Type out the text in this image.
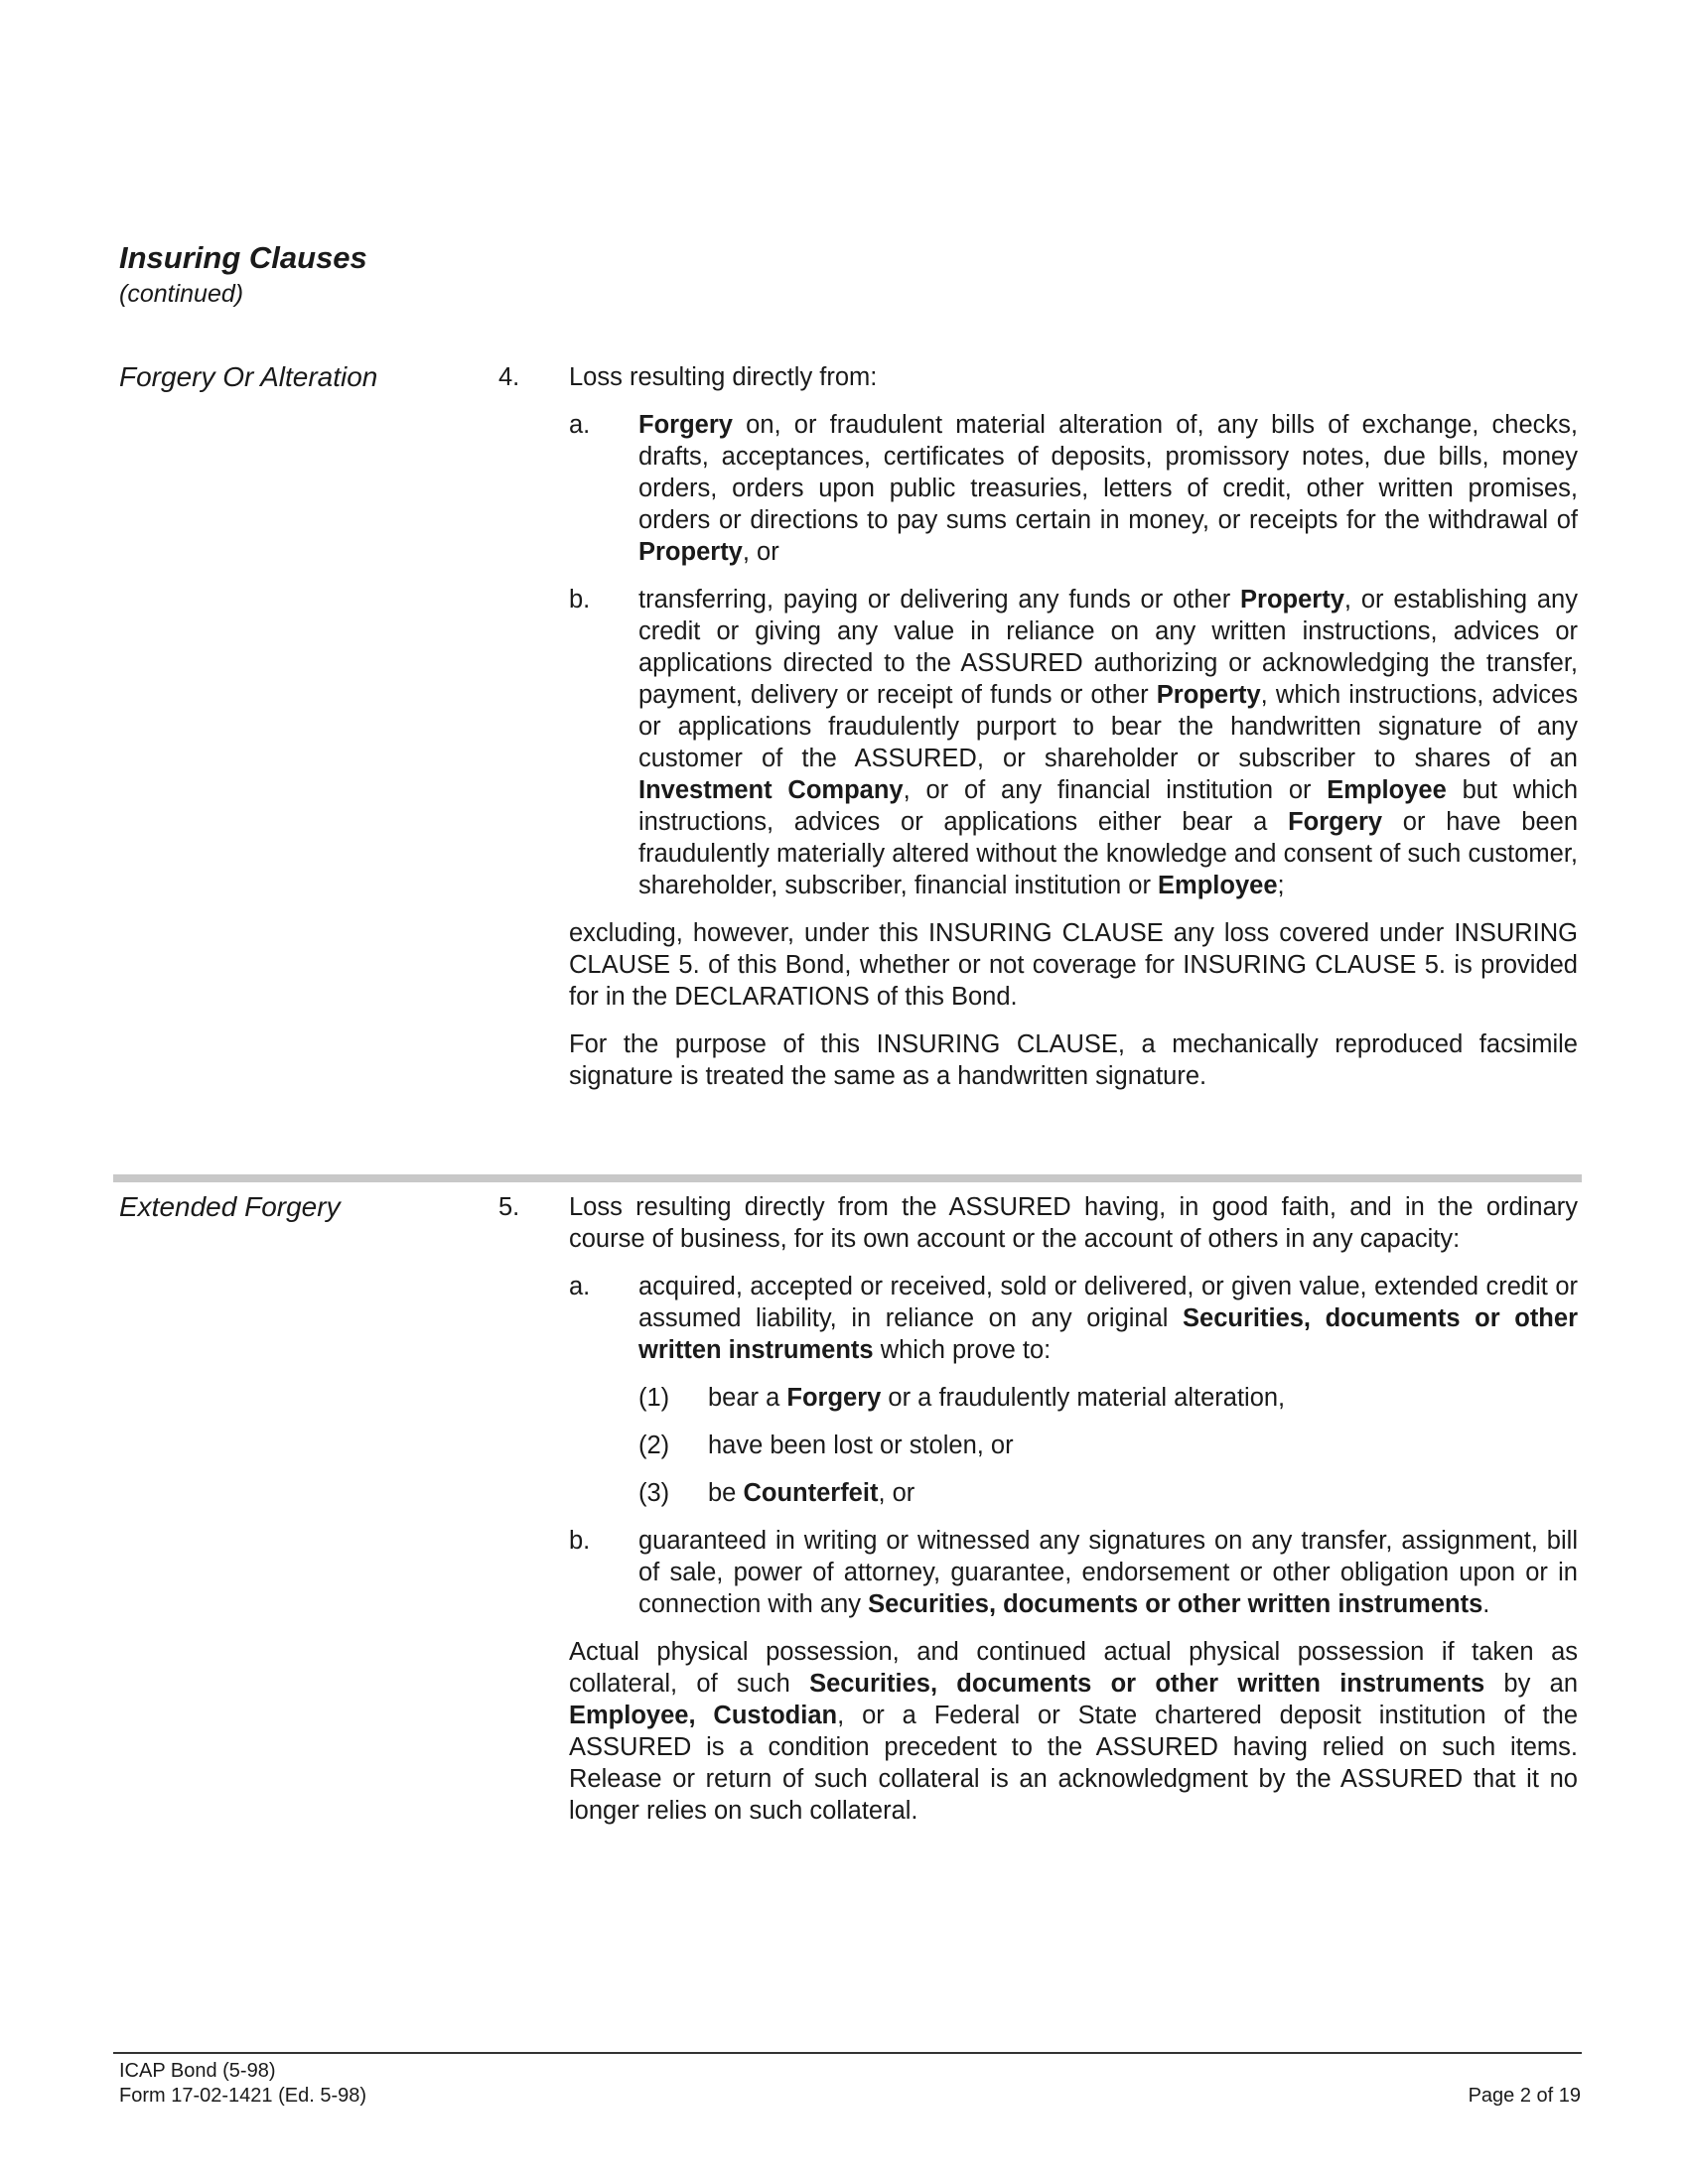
Insuring Clauses
(continued)
Forgery Or Alteration	4. Loss resulting directly from:

a. Forgery on, or fraudulent material alteration of, any bills of exchange, checks, drafts, acceptances, certificates of deposits, promissory notes, due bills, money orders, orders upon public treasuries, letters of credit, other written promises, orders or directions to pay sums certain in money, or receipts for the withdrawal of Property, or
b. transferring, paying or delivering any funds or other Property, or establishing any credit or giving any value in reliance on any written instructions, advices or applications directed to the ASSURED authorizing or acknowledging the transfer, payment, delivery or receipt of funds or other Property, which instructions, advices or applications fraudulently purport to bear the handwritten signature of any customer of the ASSURED, or shareholder or subscriber to shares of an Investment Company, or of any financial institution or Employee but which instructions, advices or applications either bear a Forgery or have been fraudulently materially altered without the knowledge and consent of such customer, shareholder, subscriber, financial institution or Employee;

excluding, however, under this INSURING CLAUSE any loss covered under INSURING CLAUSE 5. of this Bond, whether or not coverage for INSURING CLAUSE 5. is provided for in the DECLARATIONS of this Bond.

For the purpose of this INSURING CLAUSE, a mechanically reproduced facsimile signature is treated the same as a handwritten signature.

Extended Forgery	5. Loss resulting directly from the ASSURED having, in good faith, and in the ordinary course of business, for its own account or the account of others in any capacity:

a. acquired, accepted or received, sold or delivered, or given value, extended credit or assumed liability, in reliance on any original Securities, documents or other written instruments which prove to:
(1) bear a Forgery or a fraudulently material alteration,
(2) have been lost or stolen, or
(3) be Counterfeit, or
b. guaranteed in writing or witnessed any signatures on any transfer, assignment, bill of sale, power of attorney, guarantee, endorsement or other obligation upon or in connection with any Securities, documents or other written instruments.

Actual physical possession, and continued actual physical possession if taken as collateral, of such Securities, documents or other written instruments by an Employee, Custodian, or a Federal or State chartered deposit institution of the ASSURED is a condition precedent to the ASSURED having relied on such items. Release or return of such collateral is an acknowledgment by the ASSURED that it no longer relies on such collateral.

ICAP Bond (5-98)
Form 17-02-1421 (Ed. 5-98)	Page 2 of 19
